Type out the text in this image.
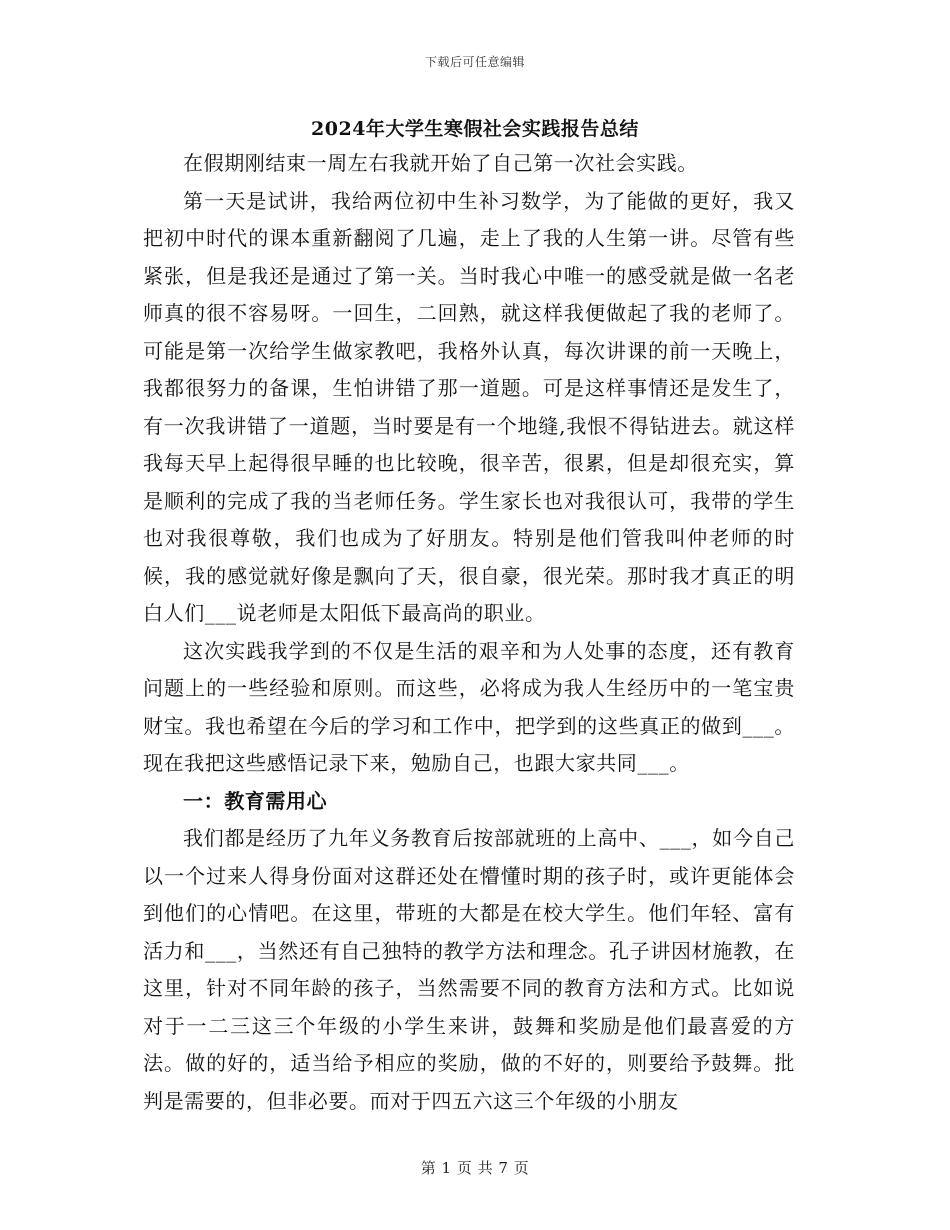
下载后可任意编辑
2024年大学生寒假社会实践报告总结

在假期刚结束一周左右我就开始了自己第一次社会实践。

第一天是试讲，我给两位初中生补习数学，为了能做的更好，我又把初中时代的课本重新翻阅了几遍，走上了我的人生第一讲。尽管有些紧张，但是我还是通过了第一关。当时我心中唯一的感受就是做一名老师真的很不容易呀。一回生，二回熟，就这样我便做起了我的老师了。可能是第一次给学生做家教吧，我格外认真，每次讲课的前一天晚上，我都很努力的备课，生怕讲错了那一道题。可是这样事情还是发生了，有一次我讲错了一道题，当时要是有一个地缝,我恨不得钻进去。就这样我每天早上起得很早睡的也比较晚，很辛苦，很累，但是却很充实，算是顺利的完成了我的当老师任务。学生家长也对我很认可，我带的学生也对我很尊敬，我们也成为了好朋友。特别是他们管我叫仲老师的时候，我的感觉就好像是飘向了天，很自豪，很光荣。那时我才真正的明白人们___说老师是太阳低下最高尚的职业。

这次实践我学到的不仅是生活的艰辛和为人处事的态度，还有教育问题上的一些经验和原则。而这些，必将成为我人生经历中的一笔宝贵财宝。我也希望在今后的学习和工作中，把学到的这些真正的做到___。现在我把这些感悟记录下来，勉励自己，也跟大家共同___。

一：教育需用心

我们都是经历了九年义务教育后按部就班的上高中、___，如今自己以一个过来人得身份面对这群还处在懵懂时期的孩子时，或许更能体会到他们的心情吧。在这里，带班的大都是在校大学生。他们年轻、富有活力和___，当然还有自己独特的教学方法和理念。孔子讲因材施教，在这里，针对不同年龄的孩子，当然需要不同的教育方法和方式。比如说对于一二三这三个年级的小学生来讲，鼓舞和奖励是他们最喜爱的方法。做的好的，适当给予相应的奖励，做的不好的，则要给予鼓舞。批判是需要的，但非必要。而对于四五六这三个年级的小朋友

第 1 页 共 7 页
